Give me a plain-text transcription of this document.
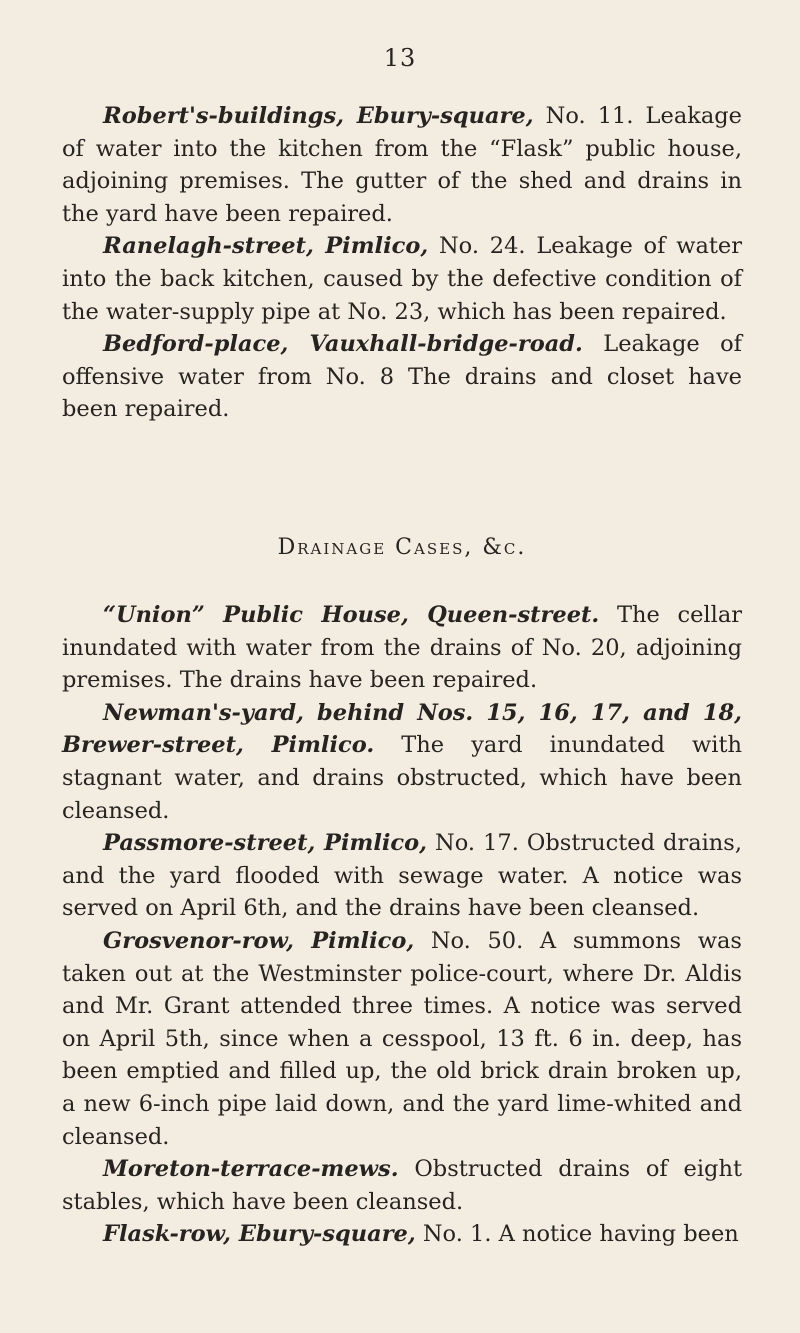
13

Robert's-buildings, Ebury-square, No. 11. Leakage of water into the kitchen from the “Flask” public house, adjoining premises. The gutter of the shed and drains in the yard have been repaired.

Ranelagh-street, Pimlico, No. 24. Leakage of water into the back kitchen, caused by the defective condition of the water-supply pipe at No. 23, which has been repaired.

Bedford-place, Vauxhall-bridge-road. Leakage of offensive water from No. 8 The drains and closet have been repaired.

Drainage Cases, &c.

“Union” Public House, Queen-street. The cellar inundated with water from the drains of No. 20, adjoining premises. The drains have been repaired.

Newman's-yard, behind Nos. 15, 16, 17, and 18, Brewer-street, Pimlico. The yard inundated with stagnant water, and drains obstructed, which have been cleansed.

Passmore-street, Pimlico, No. 17. Obstructed drains, and the yard flooded with sewage water. A notice was served on April 6th, and the drains have been cleansed.

Grosvenor-row, Pimlico, No. 50. A summons was taken out at the Westminster police-court, where Dr. Aldis and Mr. Grant attended three times. A notice was served on April 5th, since when a cesspool, 13 ft. 6 in. deep, has been emptied and filled up, the old brick drain broken up, a new 6-inch pipe laid down, and the yard lime-whited and cleansed.

Moreton-terrace-mews. Obstructed drains of eight stables, which have been cleansed.

Flask-row, Ebury-square, No. 1. A notice having been
